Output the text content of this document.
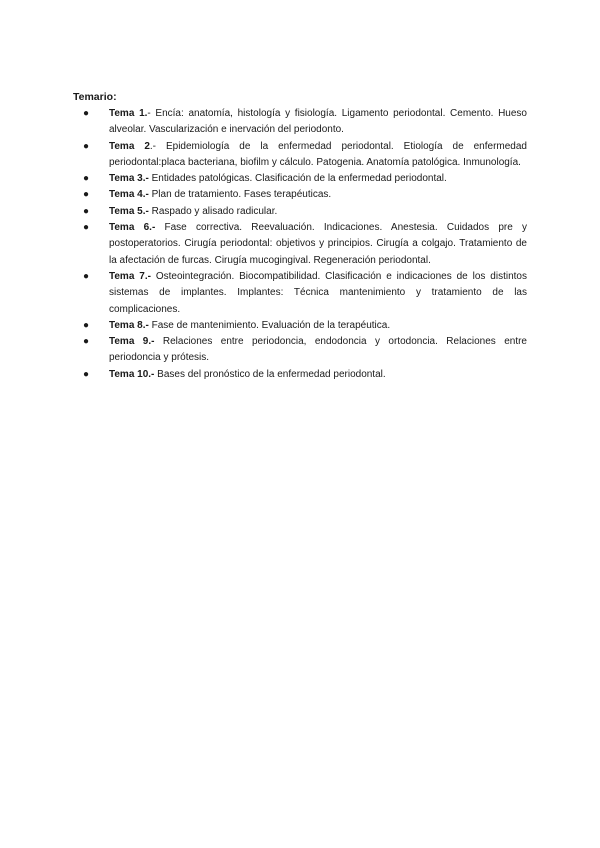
Temario:
● Tema 1.- Encía: anatomía, histología y fisiología. Ligamento periodontal. Cemento. Hueso alveolar. Vascularización e inervación del periodonto.
● Tema 2.- Epidemiología de la enfermedad periodontal. Etiología de enfermedad periodontal:placa bacteriana, biofilm y cálculo. Patogenia. Anatomía patológica. Inmunología.
● Tema 3.- Entidades patológicas. Clasificación de la enfermedad periodontal.
● Tema 4.- Plan de tratamiento. Fases terapéuticas.
● Tema 5.- Raspado y alisado radicular.
● Tema 6.- Fase correctiva. Reevaluación. Indicaciones. Anestesia. Cuidados pre y postoperatorios. Cirugía periodontal: objetivos y principios. Cirugía a colgajo. Tratamiento de la afectación de furcas. Cirugía mucogingival. Regeneración periodontal.
● Tema 7.- Osteointegración. Biocompatibilidad. Clasificación e indicaciones de los distintos sistemas de implantes. Implantes: Técnica mantenimiento y tratamiento de las complicaciones.
● Tema 8.- Fase de mantenimiento. Evaluación de la terapéutica.
● Tema 9.- Relaciones entre periodoncia, endodoncia y ortodoncia. Relaciones entre periodoncia y prótesis.
● Tema 10.- Bases del pronóstico de la enfermedad periodontal.
